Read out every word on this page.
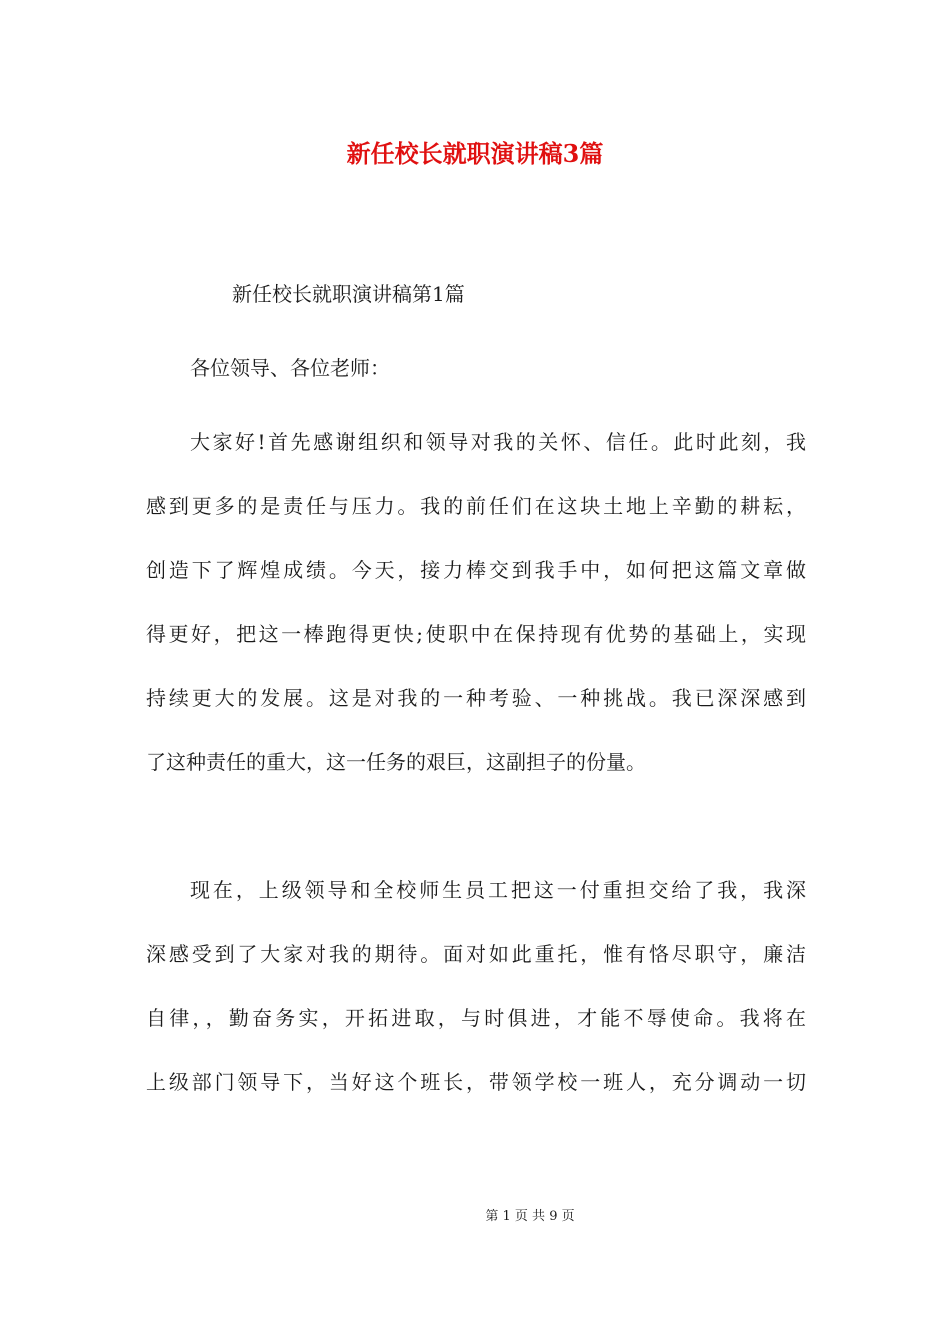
新任校长就职演讲稿3篇

新任校长就职演讲稿第1篇

各位领导、各位老师：

大家好!首先感谢组织和领导对我的关怀、信任。此时此刻，我
感到更多的是责任与压力。我的前任们在这块土地上辛勤的耕耘，
创造下了辉煌成绩。今天，接力棒交到我手中，如何把这篇文章做
得更好，把这一棒跑得更快;使职中在保持现有优势的基础上，实现
持续更大的发展。这是对我的一种考验、一种挑战。我已深深感到
了这种责任的重大，这一任务的艰巨，这副担子的份量。
现在，上级领导和全校师生员工把这一付重担交给了我，我深
深感受到了大家对我的期待。面对如此重托，惟有恪尽职守，廉洁
自律，，勤奋务实，开拓进取，与时俱进，才能不辱使命。我将在
上级部门领导下，当好这个班长，带领学校一班人，充分调动一切

第 1 页 共 9 页
